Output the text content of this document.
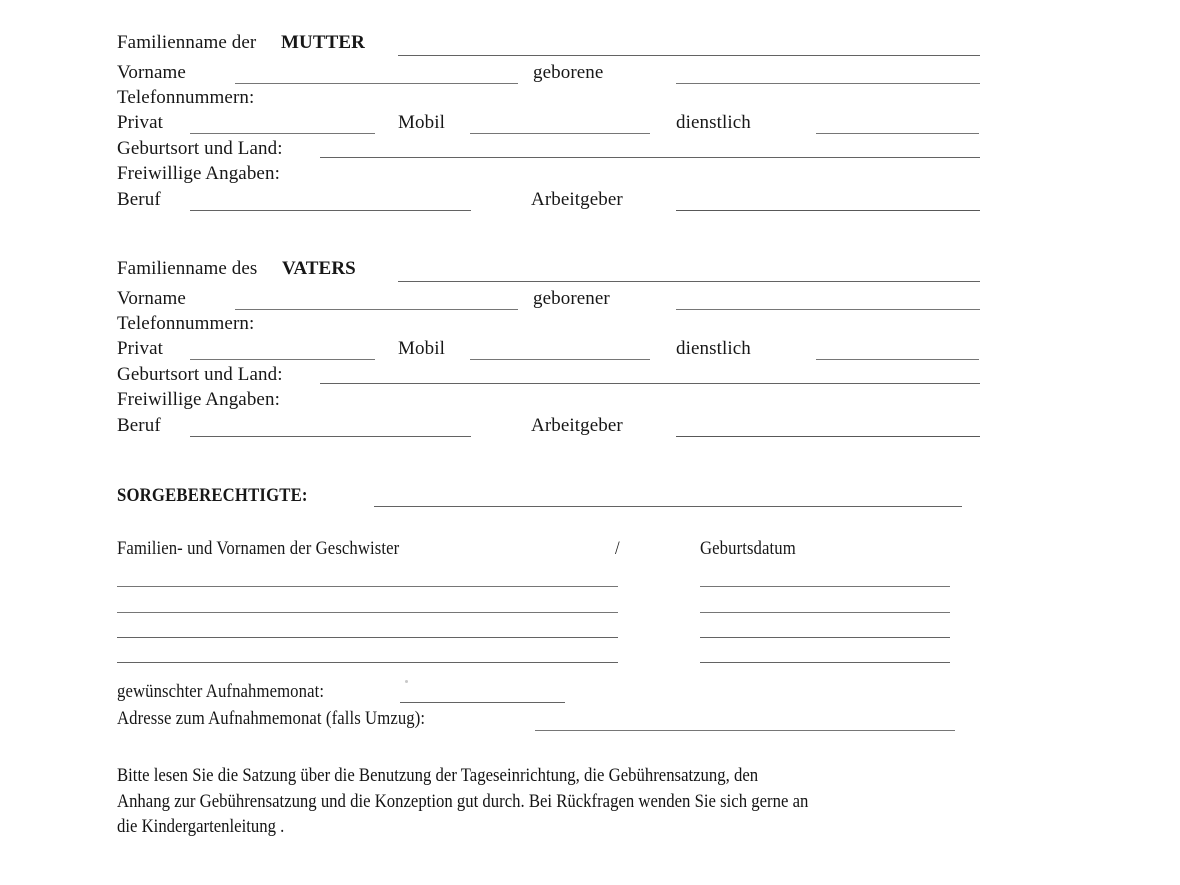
Familienname der MUTTER
Vorname	geborene
Telefonnummern:
Privat	Mobil	dienstlich
Geburtsort und Land:
Freiwillige Angaben:
Beruf	Arbeitgeber
Familienname des VATERS
Vorname	geborener
Telefonnummern:
Privat	Mobil	dienstlich
Geburtsort und Land:
Freiwillige Angaben:
Beruf	Arbeitgeber
SORGEBERECHTIGTE:
Familien- und Vornamen der Geschwister	/	Geburtsdatum
gewünschter Aufnahmemonat:
Adresse zum Aufnahmemonat (falls Umzug):
Bitte lesen Sie die Satzung über die Benutzung der Tageseinrichtung, die Gebührensatzung, den
Anhang zur Gebührensatzung und die Konzeption gut durch. Bei Rückfragen wenden Sie sich gerne an
die Kindergartenleitung .
